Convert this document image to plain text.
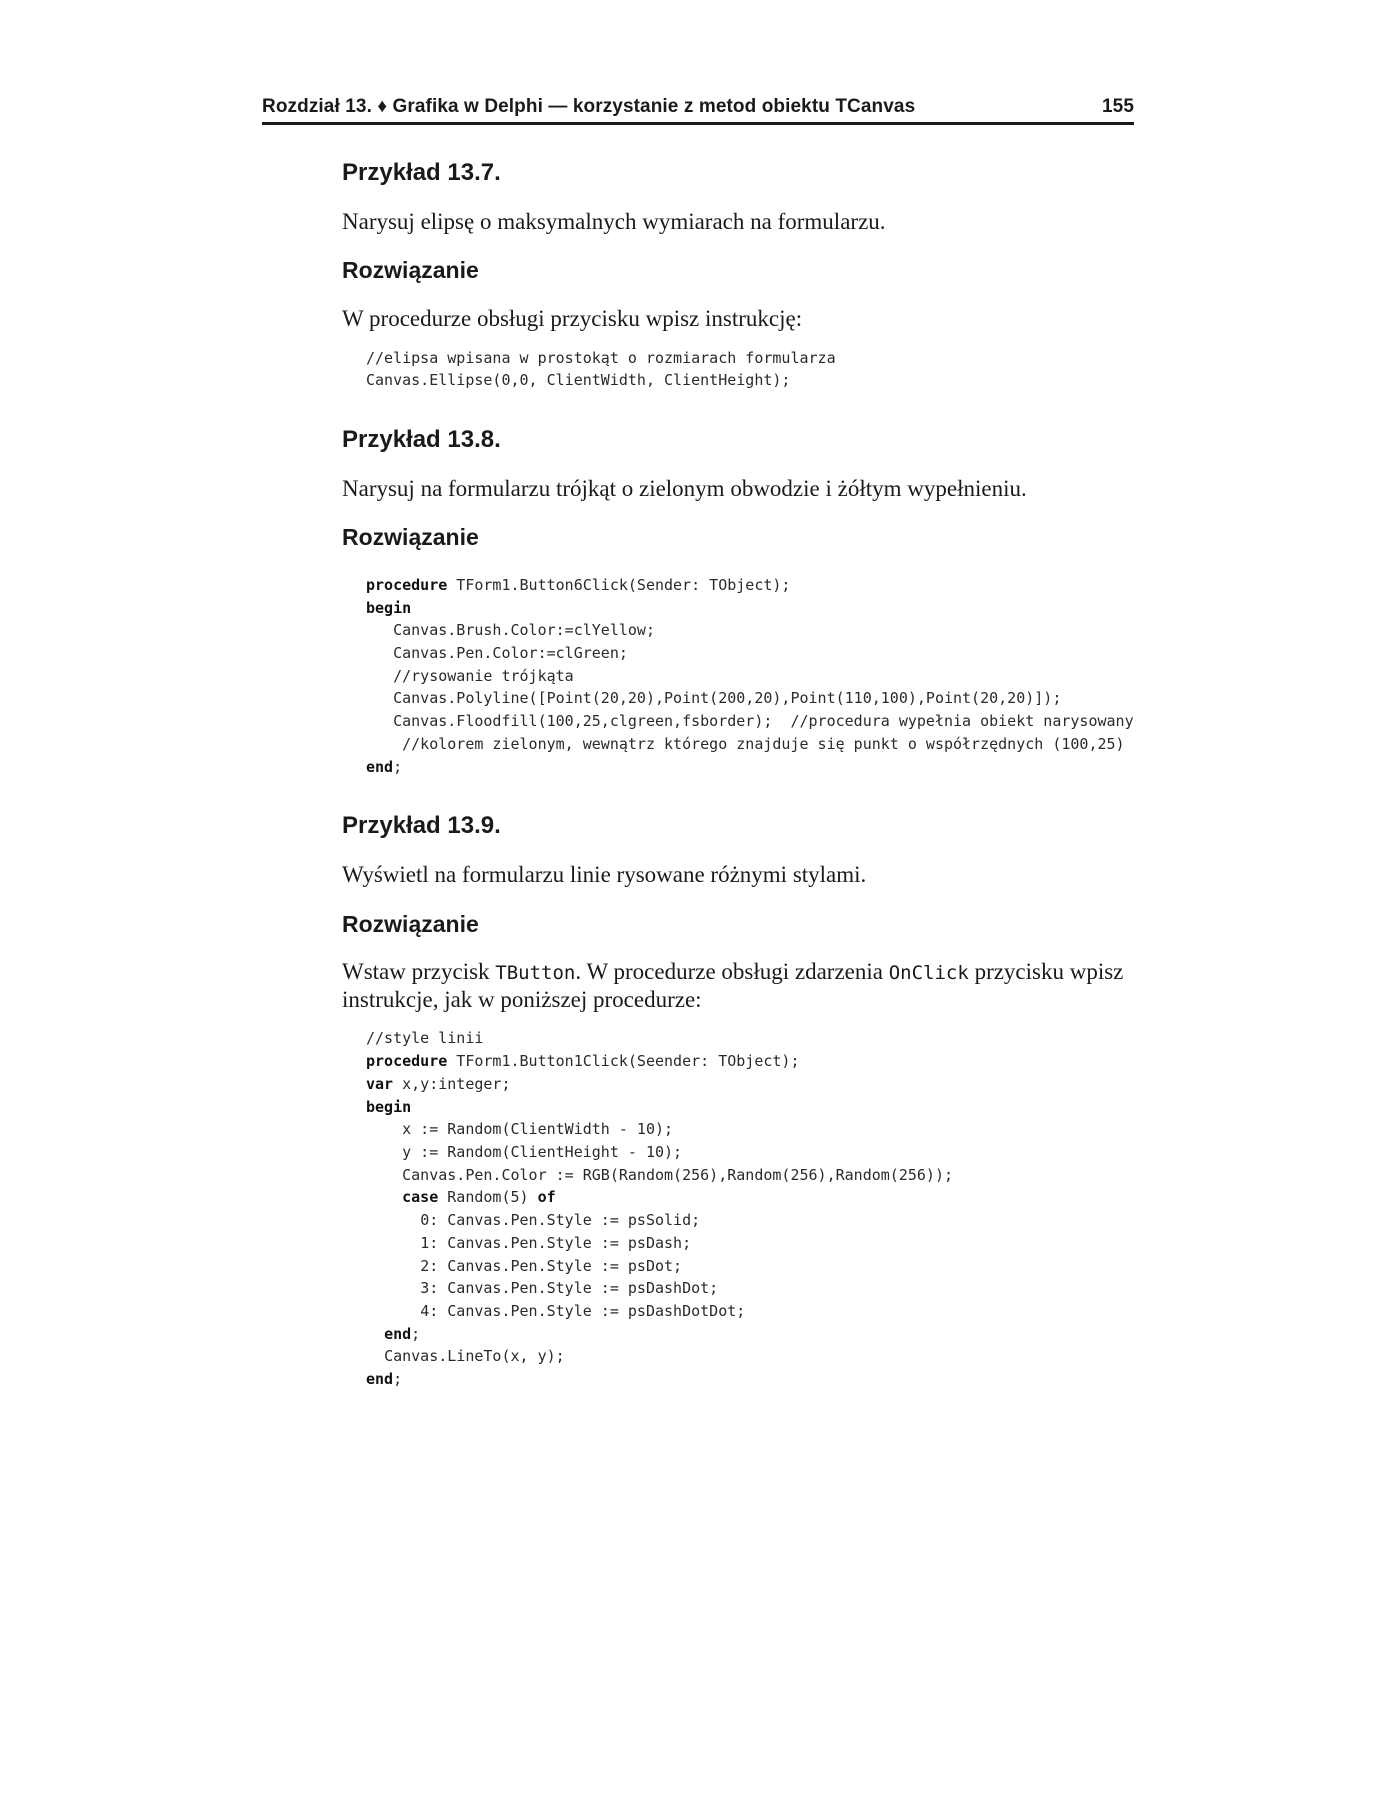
Rozdział 13. ♦ Grafika w Delphi — korzystanie z metod obiektu TCanvas	155
Przykład 13.7.

Narysuj elipsę o maksymalnych wymiarach na formularzu.

Rozwiązanie

W procedurze obsługi przycisku wpisz instrukcję:

//elipsa wpisana w prostokąt o rozmiarach formularza
Canvas.Ellipse(0,0, ClientWidth, ClientHeight);
Przykład 13.8.

Narysuj na formularzu trójkąt o zielonym obwodzie i żółtym wypełnieniu.

Rozwiązanie
procedure TForm1.Button6Click(Sender: TObject);
begin
Canvas.Brush.Color:=clYellow;
Canvas.Pen.Color:=clGreen;
//rysowanie trójkąta
Canvas.Polyline([Point(20,20),Point(200,20),Point(110,100),Point(20,20)]);
Canvas.Floodfill(100,25,clgreen,fsborder);  //procedura wypełnia obiekt narysowany
//kolorem zielonym, wewnątrz którego znajduje się punkt o współrzędnych (100,25)
end;
Przykład 13.9.

Wyświetl na formularzu linie rysowane różnymi stylami.

Rozwiązanie

Wstaw przycisk TButton. W procedurze obsługi zdarzenia OnClick przycisku wpisz instrukcje, jak w poniższej procedurze:

//style linii
procedure TForm1.Button1Click(Seender: TObject);
var x,y:integer;
begin
x := Random(ClientWidth - 10);
y := Random(ClientHeight - 10);
Canvas.Pen.Color := RGB(Random(256),Random(256),Random(256));
case Random(5) of
0: Canvas.Pen.Style := psSolid;
1: Canvas.Pen.Style := psDash;
2: Canvas.Pen.Style := psDot;
3: Canvas.Pen.Style := psDashDot;
4: Canvas.Pen.Style := psDashDotDot;
end;
Canvas.LineTo(x, y);
end;
